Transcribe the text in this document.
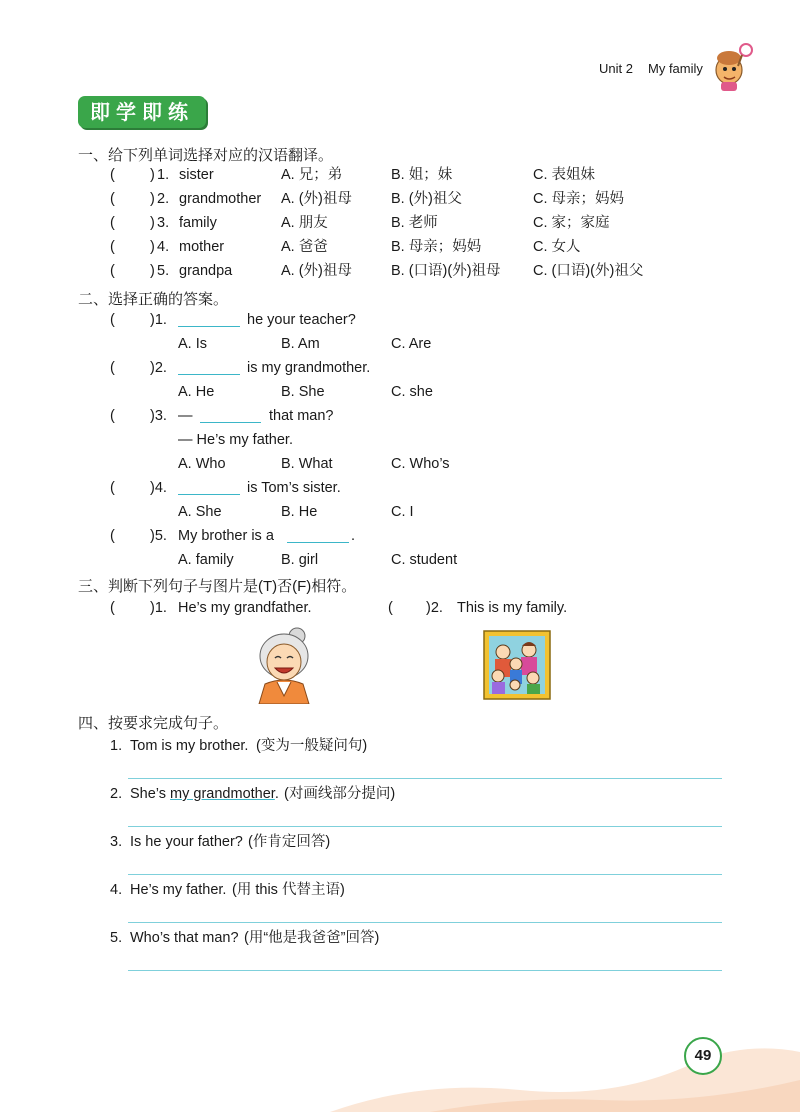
Unit 2 My family
即学即练
一、给下列单词选择对应的汉语翻译。
( ) 1. sister	A. 兄；弟	B. 姐；妹	C. 表姐妹
( ) 2. grandmother A. (外)祖母	B. (外)祖父	C. 母亲；妈妈
( ) 3. family	A. 朋友	B. 老师	C. 家；家庭
( ) 4. mother	A. 爸爸	B. 母亲；妈妈	C. 女人
( ) 5. grandpa	A. (外)祖母	B. (口语)(外)祖母 C. (口语)(外)祖父
二、选择正确的答案。
( )1.	he your teacher?
A. Is	B. Am	C. Are
( )2.	is my grandmother.
A. He	B. She	C. she
( )3. —	that man?
— He’s my father.
A. Who	B. What	C. Who’s
( )4.	is Tom’s sister.
A. She	B. He	C. I
( )5. My brother is a	.
A. family	B. girl	C. student
三、判断下列句子与图片是(T)否(F)相符。
( )1. He’s my grandfather.	( )2. This is my family.
四、按要求完成句子。
1. Tom is my brother. (变为一般疑问句)
2. She’s my grandmother. (对画线部分提问)
3. Is he your father? (作肯定回答)
4. He’s my father. (用 this 代替主语)
5. Who’s that man? (用“他是我爸爸”回答)
49
